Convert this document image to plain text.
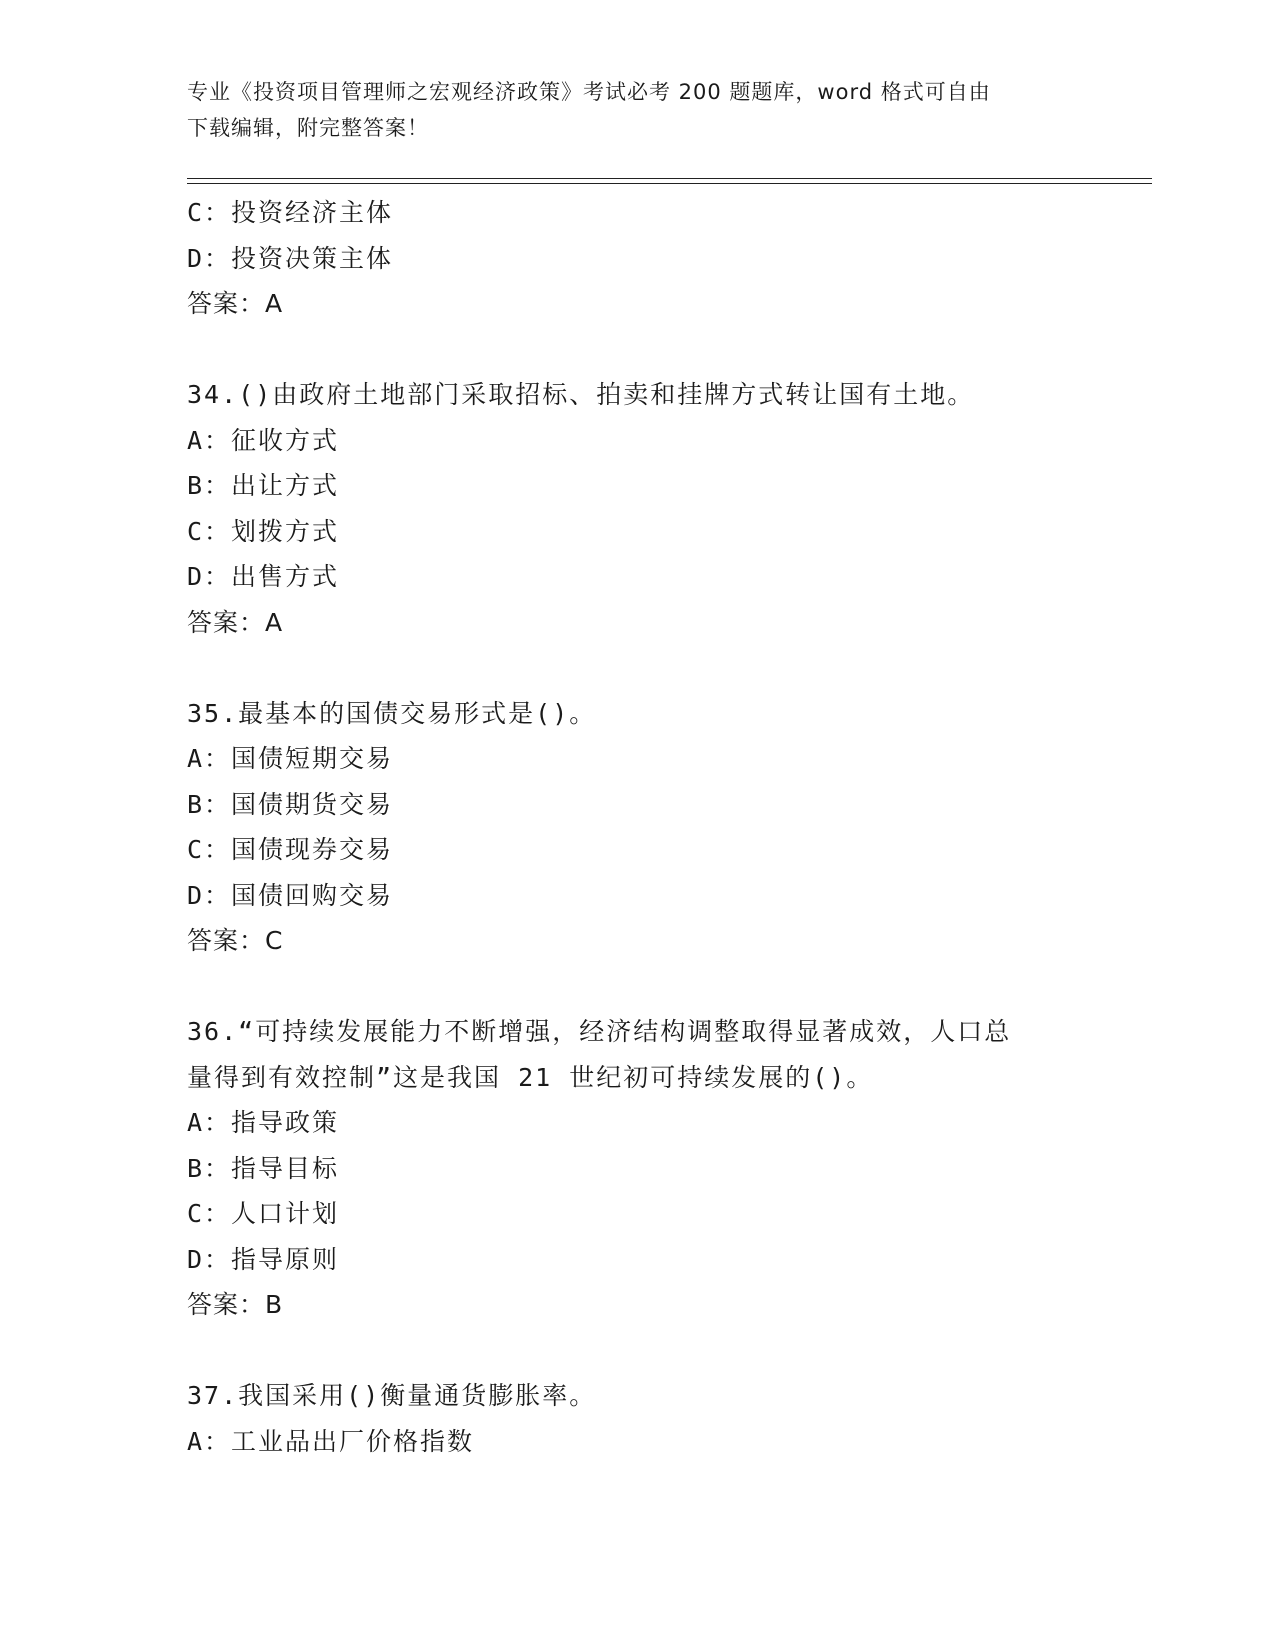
专业《投资项目管理师之宏观经济政策》考试必考 200 题题库，word 格式可自由
下载编辑，附完整答案！
C：投资经济主体
D：投资决策主体
答案：A
34.()由政府土地部门采取招标、拍卖和挂牌方式转让国有土地。
A：征收方式
B：出让方式
C：划拨方式
D：出售方式
答案：A
35.最基本的国债交易形式是()。
A：国债短期交易
B：国债期货交易
C：国债现券交易
D：国债回购交易
答案：C
36.“可持续发展能力不断增强，经济结构调整取得显著成效，人口总
量得到有效控制”这是我国 21 世纪初可持续发展的()。
A：指导政策
B：指导目标
C：人口计划
D：指导原则
答案：B
37.我国采用()衡量通货膨胀率。
A：工业品出厂价格指数
